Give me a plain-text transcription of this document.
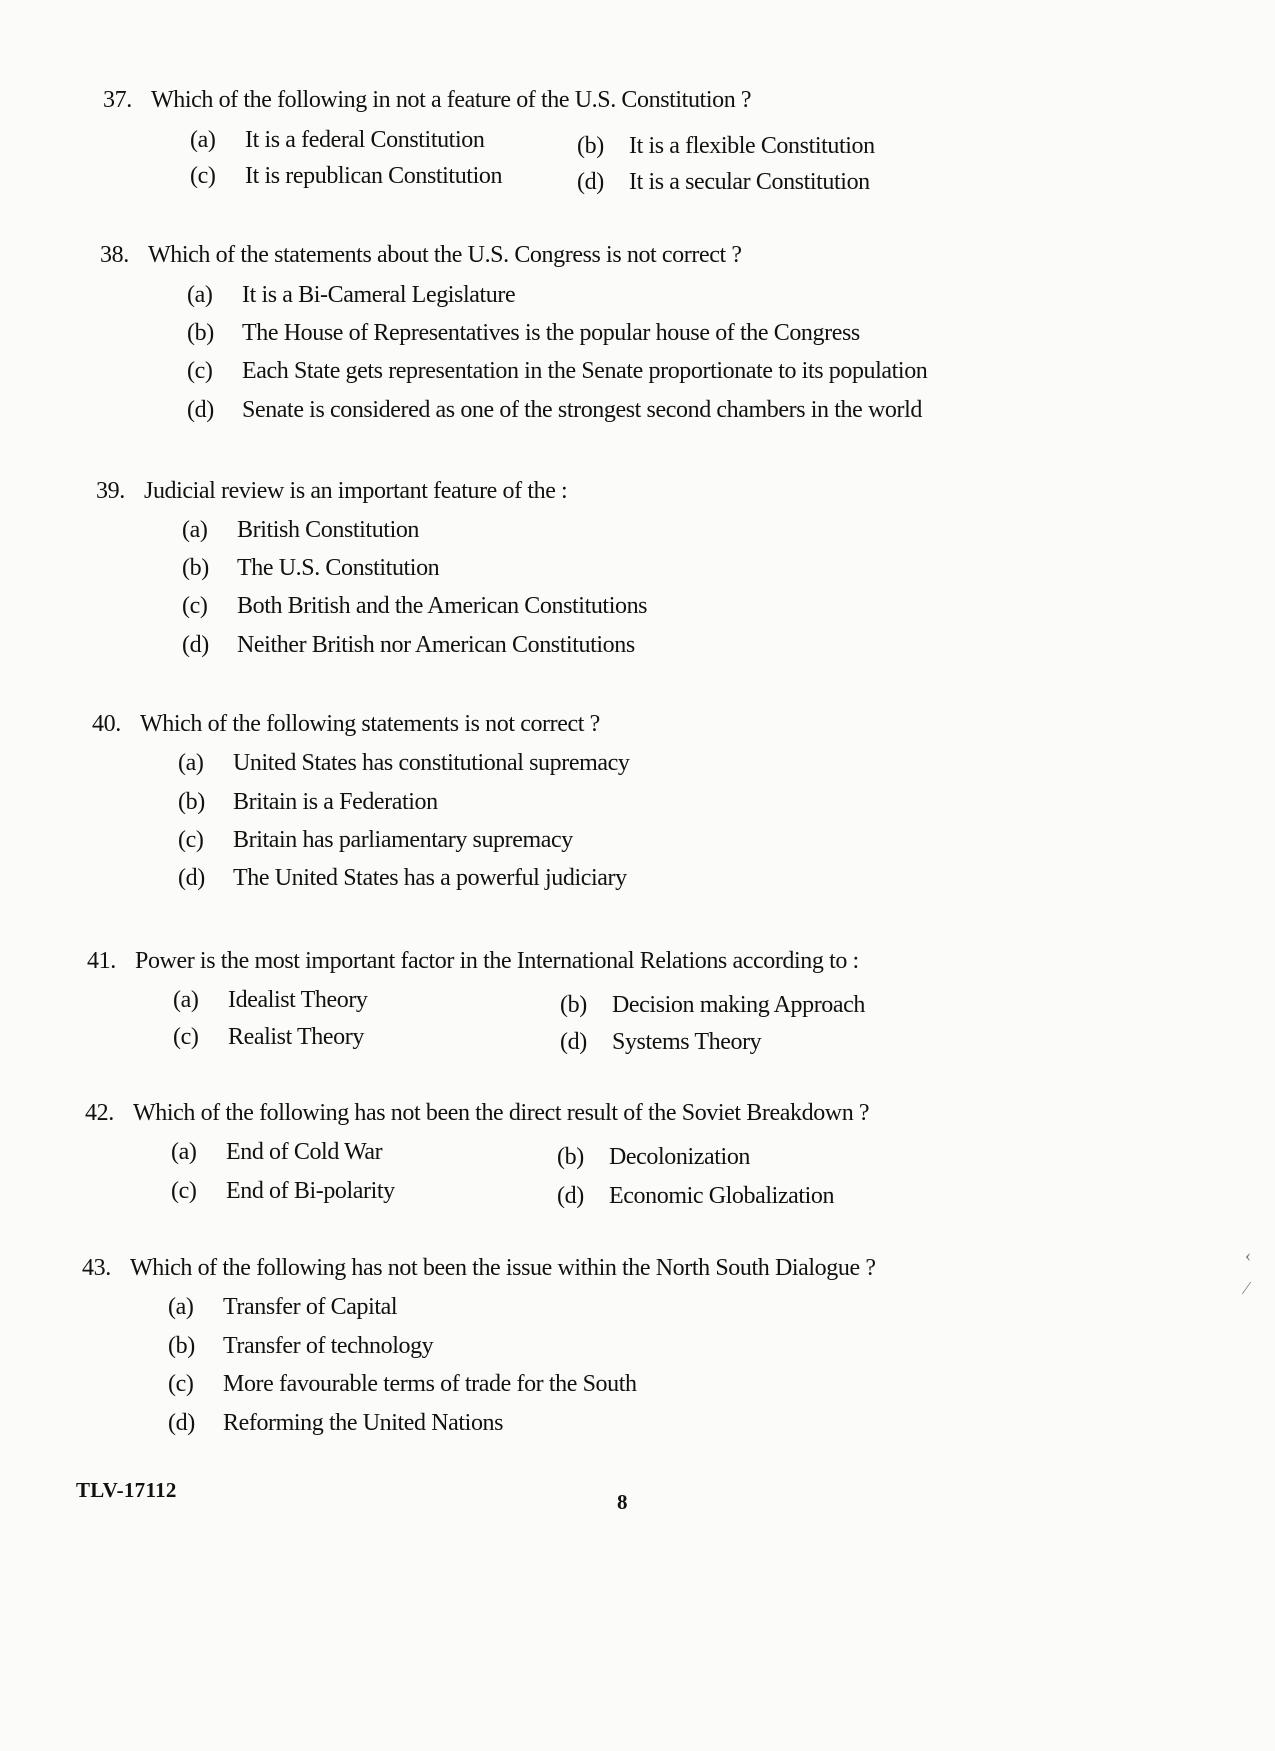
37. Which of the following in not a feature of the U.S. Constitution ?
(a) It is a federal Constitution	(b) It is a flexible Constitution
(c) It is republican Constitution	(d) It is a secular Constitution
38. Which of the statements about the U.S. Congress is not correct ?
(a) It is a Bi-Cameral Legislature
(b) The House of Representatives is the popular house of the Congress
(c) Each State gets representation in the Senate proportionate to its population
(d) Senate is considered as one of the strongest second chambers in the world
39. Judicial review is an important feature of the :
(a) British Constitution
(b) The U.S. Constitution
(c) Both British and the American Constitutions
(d) Neither British nor American Constitutions
40. Which of the following statements is not correct ?
(a) United States has constitutional supremacy
(b) Britain is a Federation
(c) Britain has parliamentary supremacy
(d) The United States has a powerful judiciary
41. Power is the most important factor in the International Relations according to :
(a) Idealist Theory	(b) Decision making Approach
(c) Realist Theory	(d) Systems Theory
42. Which of the following has not been the direct result of the Soviet Breakdown ?
(a) End of Cold War	(b) Decolonization
(c) End of Bi-polarity	(d) Economic Globalization
43. Which of the following has not been the issue within the North South Dialogue ?
(a) Transfer of Capital
(b) Transfer of technology
(c) More favourable terms of trade for the South
(d) Reforming the United Nations
TLV-17112	8
‹
⁄
